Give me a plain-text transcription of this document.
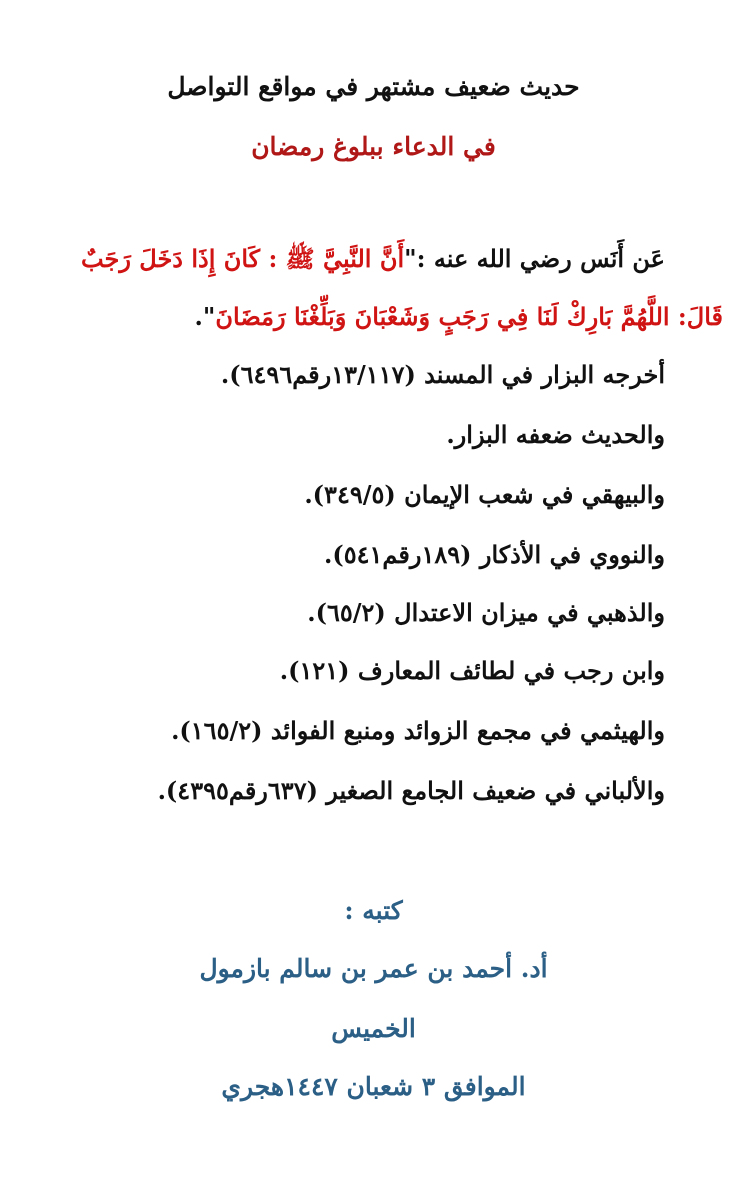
حديث ضعيف مشتهر في مواقع التواصل
في الدعاء ببلوغ رمضان
عَن أَنَس رضي الله عنه :"أَنَّ النَّبِيَّ ﷺ : كَانَ إِذَا دَخَلَ رَجَبٌ
قَالَ: اللَّهُمَّ بَارِكْ لَنَا فِي رَجَبٍ وَشَعْبَانَ وَبَلِّغْنَا رَمَضَانَ".
أخرجه البزار في المسند (١٣/١١٧رقم٦٤٩٦).
والحديث ضعفه البزار.
والبيهقي في شعب الإيمان (٣٤٩/٥).
والنووي في الأذكار (١٨٩رقم٥٤١).
والذهبي في ميزان الاعتدال (٦٥/٢).
وابن رجب في لطائف المعارف (١٢١).
والهيثمي في مجمع الزوائد ومنبع الفوائد (١٦٥/٢).
والألباني في ضعيف الجامع الصغير (٦٣٧رقم٤٣٩٥).
كتبه :
أد. أحمد بن عمر بن سالم بازمول
الخميس
الموافق ٣ شعبان ١٤٤٧هجري
